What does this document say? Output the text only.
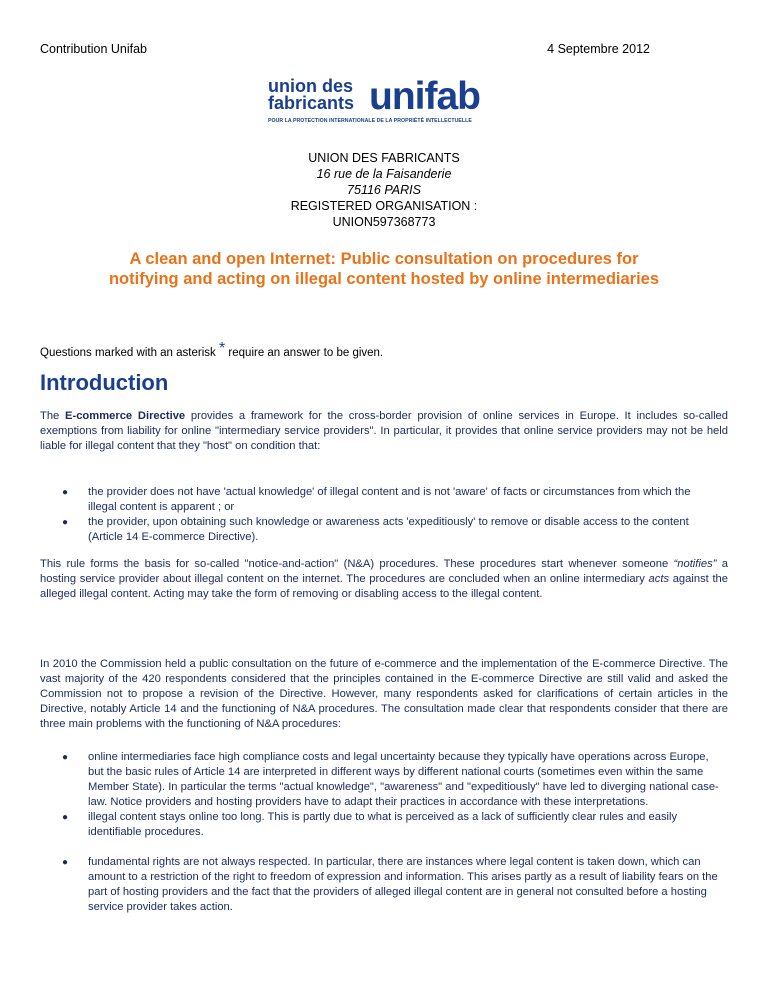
Contribution Unifab	4 Septembre 2012
union des
fabricants unifab
POUR LA PROTECTION INTERNATIONALE DE LA PROPRIÉTÉ INTELLECTUELLE
UNION DES FABRICANTS
16 rue de la Faisanderie
75116 PARIS
REGISTERED ORGANISATION :
UNION597368773
A clean and open Internet: Public consultation on procedures for notifying and acting on illegal content hosted by online intermediaries
Questions marked with an asterisk * require an answer to be given.
Introduction
The E-commerce Directive provides a framework for the cross-border provision of online services in Europe. It includes so-called exemptions from liability for online "intermediary service providers". In particular, it provides that online service providers may not be held liable for illegal content that they "host" on condition that:
● the provider does not have 'actual knowledge' of illegal content and is not 'aware' of facts or circumstances from which the illegal content is apparent ; or
● the provider, upon obtaining such knowledge or awareness acts 'expeditiously' to remove or disable access to the content (Article 14 E-commerce Directive).
This rule forms the basis for so-called "notice-and-action" (N&A) procedures. These procedures start whenever someone “notifies” a hosting service provider about illegal content on the internet. The procedures are concluded when an online intermediary acts against the alleged illegal content. Acting may take the form of removing or disabling access to the illegal content.
In 2010 the Commission held a public consultation on the future of e-commerce and the implementation of the E-commerce Directive. The vast majority of the 420 respondents considered that the principles contained in the E-commerce Directive are still valid and asked the Commission not to propose a revision of the Directive. However, many respondents asked for clarifications of certain articles in the Directive, notably Article 14 and the functioning of N&A procedures. The consultation made clear that respondents consider that there are three main problems with the functioning of N&A procedures:
● online intermediaries face high compliance costs and legal uncertainty because they typically have operations across Europe, but the basic rules of Article 14 are interpreted in different ways by different national courts (sometimes even within the same Member State). In particular the terms "actual knowledge", "awareness" and "expeditiously" have led to diverging national case-law. Notice providers and hosting providers have to adapt their practices in accordance with these interpretations.
● illegal content stays online too long. This is partly due to what is perceived as a lack of sufficiently clear rules and easily identifiable procedures.
● fundamental rights are not always respected. In particular, there are instances where legal content is taken down, which can amount to a restriction of the right to freedom of expression and information. This arises partly as a result of liability fears on the part of hosting providers and the fact that the providers of alleged illegal content are in general not consulted before a hosting service provider takes action.
